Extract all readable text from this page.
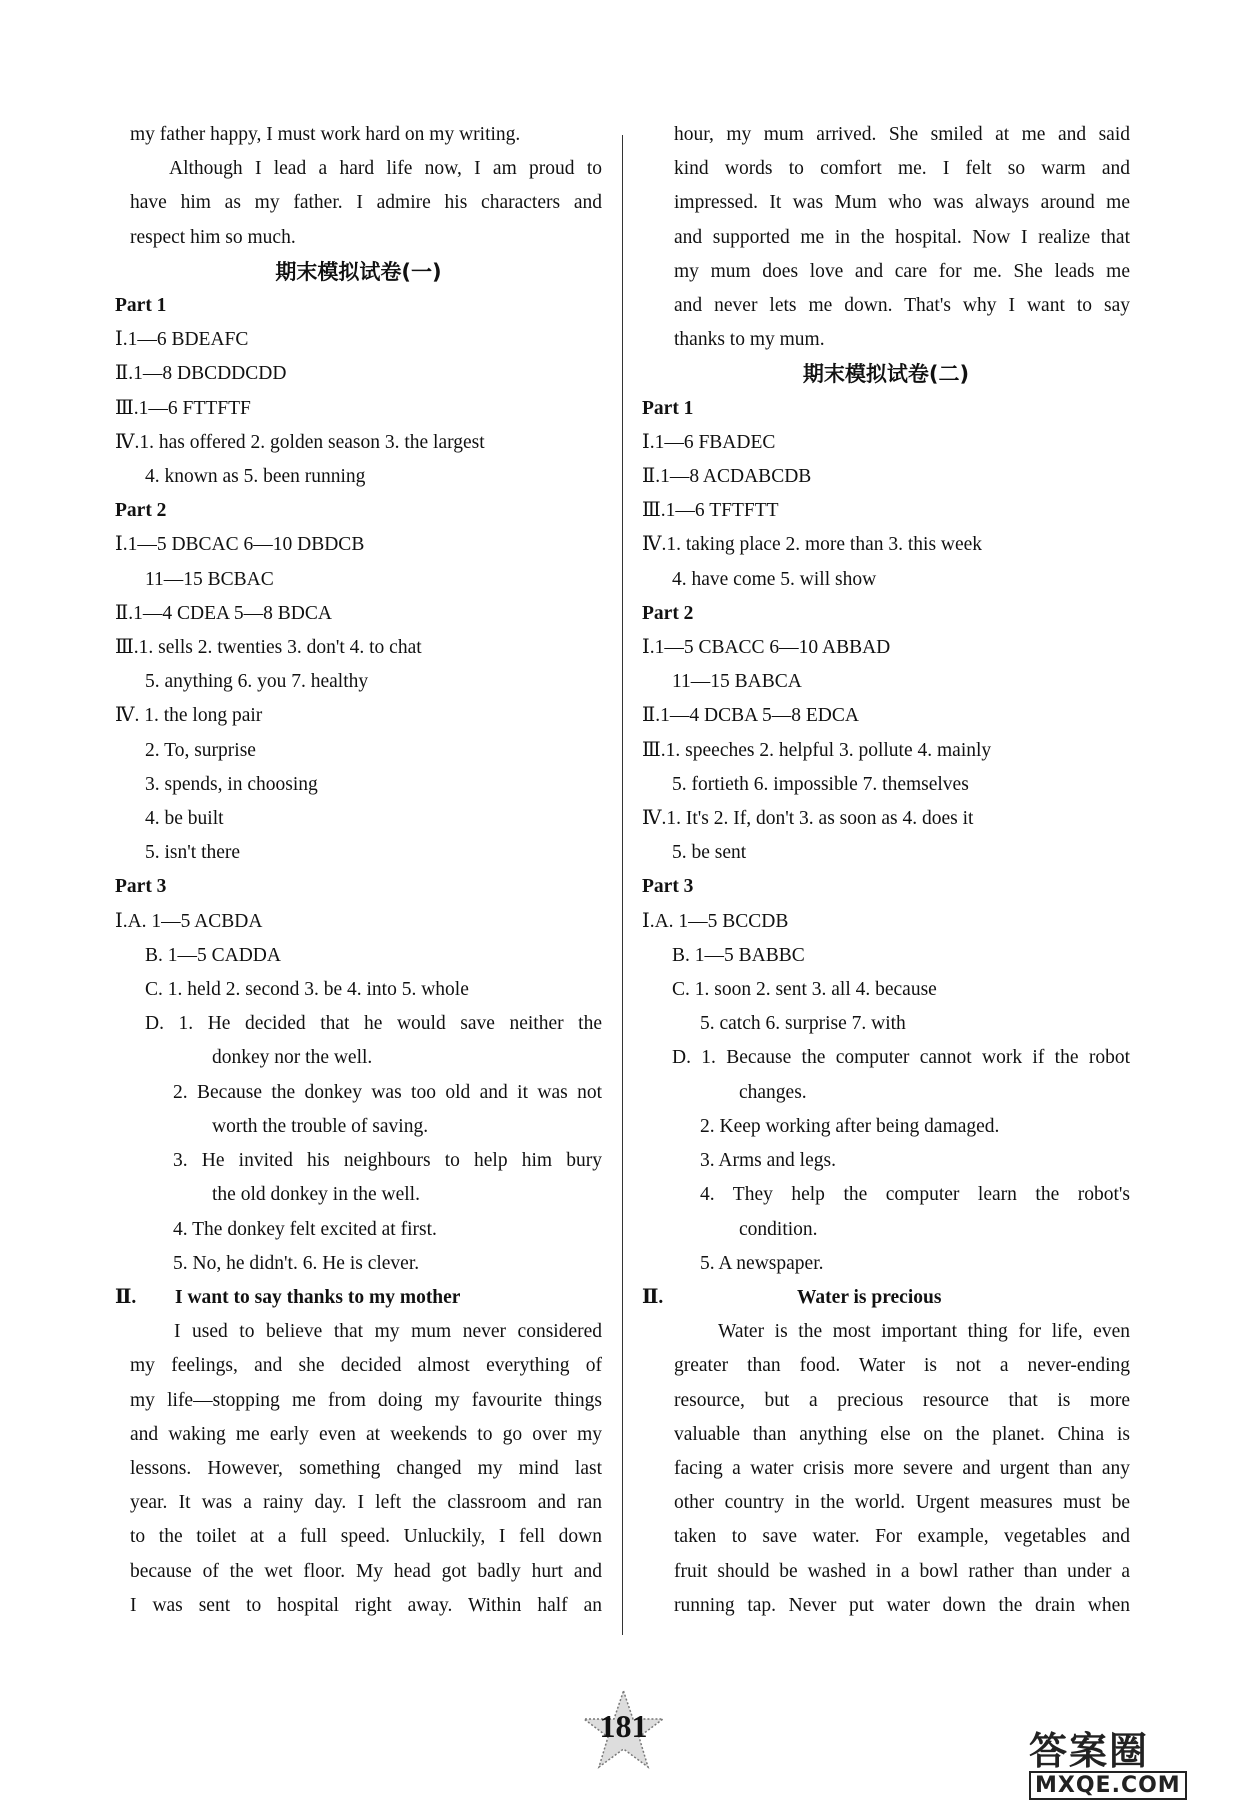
my father happy, I must work hard on my writing.
Although I lead a hard life now, I am proud to
have him as my father. I admire his characters and
respect him so much.
期末模拟试卷(一)
Part 1
Ⅰ.1—6 BDEAFC
Ⅱ.1—8 DBCDDCDD
Ⅲ.1—6 FTTFTF
Ⅳ.1. has offered 2. golden season 3. the largest
4. known as 5. been running
Part 2
Ⅰ.1—5 DBCAC 6—10 DBDCB
11—15 BCBAC
Ⅱ.1—4 CDEA 5—8 BDCA
Ⅲ.1. sells 2. twenties 3. don't 4. to chat
5. anything 6. you 7. healthy
Ⅳ. 1. the long pair
2. To, surprise
3. spends, in choosing
4. be built
5. isn't there
Part 3
Ⅰ.A. 1—5 ACBDA
B. 1—5 CADDA
C. 1. held 2. second 3. be 4. into 5. whole
D. 1. He decided that he would save neither the
donkey nor the well.
2. Because the donkey was too old and it was not
worth the trouble of saving.
3. He invited his neighbours to help him bury
the old donkey in the well.
4. The donkey felt excited at first.
5. No, he didn't. 6. He is clever.
Ⅱ. I want to say thanks to my mother
I used to believe that my mum never considered
my feelings, and she decided almost everything of
my life—stopping me from doing my favourite things
and waking me early even at weekends to go over my
lessons. However, something changed my mind last
year. It was a rainy day. I left the classroom and ran
to the toilet at a full speed. Unluckily, I fell down
because of the wet floor. My head got badly hurt and
I was sent to hospital right away. Within half an
hour, my mum arrived. She smiled at me and said
kind words to comfort me. I felt so warm and
impressed. It was Mum who was always around me
and supported me in the hospital. Now I realize that
my mum does love and care for me. She leads me
and never lets me down. That's why I want to say
thanks to my mum.
期末模拟试卷(二)
Part 1
Ⅰ.1—6 FBADEC
Ⅱ.1—8 ACDABCDB
Ⅲ.1—6 TFTFTT
Ⅳ.1. taking place 2. more than 3. this week
4. have come 5. will show
Part 2
Ⅰ.1—5 CBACC 6—10 ABBAD
11—15 BABCA
Ⅱ.1—4 DCBA 5—8 EDCA
Ⅲ.1. speeches 2. helpful 3. pollute 4. mainly
5. fortieth 6. impossible 7. themselves
Ⅳ.1. It's 2. If, don't 3. as soon as 4. does it
5. be sent
Part 3
Ⅰ.A. 1—5 BCCDB
B. 1—5 BABBC
C. 1. soon 2. sent 3. all 4. because
5. catch 6. surprise 7. with
D. 1. Because the computer cannot work if the robot
changes.
2. Keep working after being damaged.
3. Arms and legs.
4. They help the computer learn the robot's
condition.
5. A newspaper.
Ⅱ.	Water is precious
Water is the most important thing for life, even
greater than food. Water is not a never-ending
resource, but a precious resource that is more
valuable than anything else on the planet. China is
facing a water crisis more severe and urgent than any
other country in the world. Urgent measures must be
taken to save water. For example, vegetables and
fruit should be washed in a bowl rather than under a
running tap. Never put water down the drain when
181
答案圈
MXQE.COM
